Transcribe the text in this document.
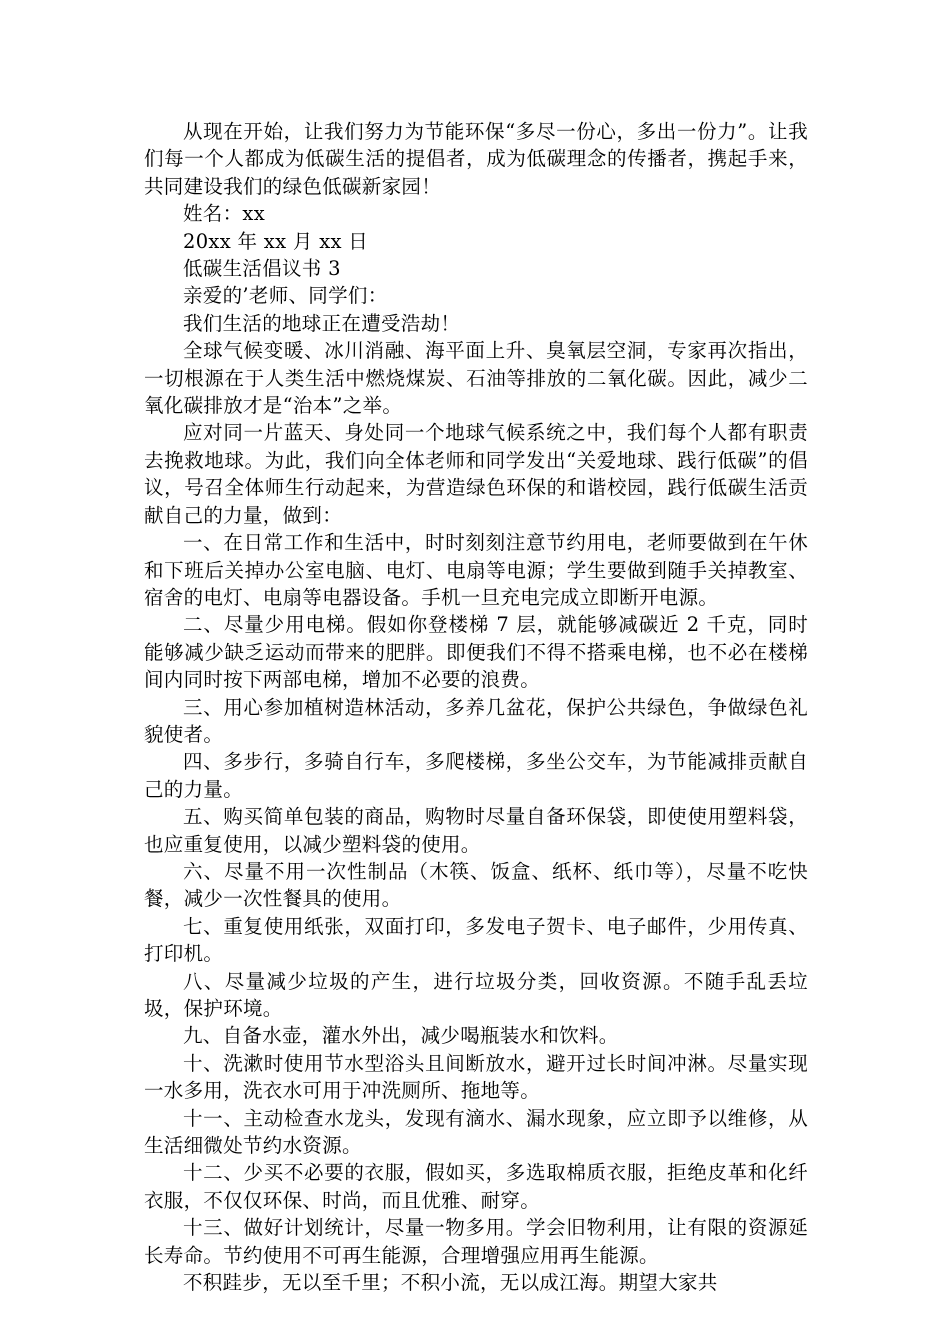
从现在开始，让我们努力为节能环保“多尽一份心，多出一份力”。让我们每一个人都成为低碳生活的提倡者，成为低碳理念的传播者，携起手来，共同建设我们的绿色低碳新家园！

姓名：xx

20xx 年 xx 月 xx 日

低碳生活倡议书 3

亲爱的’老师、同学们：

我们生活的地球正在遭受浩劫！

全球气候变暖、冰川消融、海平面上升、臭氧层空洞，专家再次指出，一切根源在于人类生活中燃烧煤炭、石油等排放的二氧化碳。因此，减少二氧化碳排放才是“治本”之举。

应对同一片蓝天、身处同一个地球气候系统之中，我们每个人都有职责去挽救地球。为此，我们向全体老师和同学发出“关爱地球、践行低碳”的倡议，号召全体师生行动起来，为营造绿色环保的和谐校园，践行低碳生活贡献自己的力量，做到：

一、在日常工作和生活中，时时刻刻注意节约用电，老师要做到在午休和下班后关掉办公室电脑、电灯、电扇等电源；学生要做到随手关掉教室、宿舍的电灯、电扇等电器设备。手机一旦充电完成立即断开电源。

二、尽量少用电梯。假如你登楼梯 7 层，就能够减碳近 2 千克，同时能够减少缺乏运动而带来的肥胖。即便我们不得不搭乘电梯，也不必在楼梯间内同时按下两部电梯，增加不必要的浪费。

三、用心参加植树造林活动，多养几盆花，保护公共绿色，争做绿色礼貌使者。

四、多步行，多骑自行车，多爬楼梯，多坐公交车，为节能减排贡献自己的力量。

五、购买简单包装的商品，购物时尽量自备环保袋，即使使用塑料袋，也应重复使用，以减少塑料袋的使用。

六、尽量不用一次性制品（木筷、饭盒、纸杯、纸巾等），尽量不吃快餐，减少一次性餐具的使用。

七、重复使用纸张，双面打印，多发电子贺卡、电子邮件，少用传真、打印机。

八、尽量减少垃圾的产生，进行垃圾分类，回收资源。不随手乱丢垃圾，保护环境。

九、自备水壶，灌水外出，减少喝瓶装水和饮料。

十、洗漱时使用节水型浴头且间断放水，避开过长时间冲淋。尽量实现一水多用，洗衣水可用于冲洗厕所、拖地等。

十一、主动检查水龙头，发现有滴水、漏水现象，应立即予以维修，从生活细微处节约水资源。

十二、少买不必要的衣服，假如买，多选取棉质衣服，拒绝皮革和化纤衣服，不仅仅环保、时尚，而且优雅、耐穿。

十三、做好计划统计，尽量一物多用。学会旧物利用，让有限的资源延长寿命。节约使用不可再生能源，合理增强应用再生能源。

不积跬步，无以至千里；不积小流，无以成江海。期望大家共
